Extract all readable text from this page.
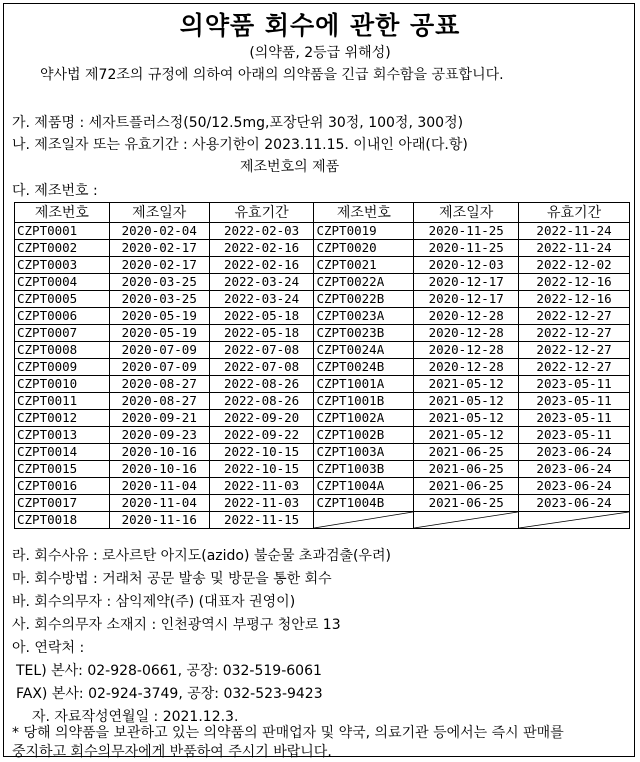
의약품 회수에 관한 공표
(의약품, 2등급 위해성)
약사법 제72조의 규정에 의하여 아래의 의약품을 긴급 회수함을 공표합니다.
가. 제품명 : 세자트플러스정(50/12.5mg,포장단위 30정, 100정, 300정)
나. 제조일자 또는 유효기간 : 사용기한이 2023.11.15. 이내인 아래(다.항)
제조번호의 제품
다. 제조번호 :
제조번호	제조일자	유효기간	제조번호	제조일자	유효기간
CZPT0001	2020-02-04	2022-02-03	CZPT0019	2020-11-25	2022-11-24
CZPT0002	2020-02-17	2022-02-16	CZPT0020	2020-11-25	2022-11-24
CZPT0003	2020-02-17	2022-02-16	CZPT0021	2020-12-03	2022-12-02
CZPT0004	2020-03-25	2022-03-24	CZPT0022A	2020-12-17	2022-12-16
CZPT0005	2020-03-25	2022-03-24	CZPT0022B	2020-12-17	2022-12-16
CZPT0006	2020-05-19	2022-05-18	CZPT0023A	2020-12-28	2022-12-27
CZPT0007	2020-05-19	2022-05-18	CZPT0023B	2020-12-28	2022-12-27
CZPT0008	2020-07-09	2022-07-08	CZPT0024A	2020-12-28	2022-12-27
CZPT0009	2020-07-09	2022-07-08	CZPT0024B	2020-12-28	2022-12-27
CZPT0010	2020-08-27	2022-08-26	CZPT1001A	2021-05-12	2023-05-11
CZPT0011	2020-08-27	2022-08-26	CZPT1001B	2021-05-12	2023-05-11
CZPT0012	2020-09-21	2022-09-20	CZPT1002A	2021-05-12	2023-05-11
CZPT0013	2020-09-23	2022-09-22	CZPT1002B	2021-05-12	2023-05-11
CZPT0014	2020-10-16	2022-10-15	CZPT1003A	2021-06-25	2023-06-24
CZPT0015	2020-10-16	2022-10-15	CZPT1003B	2021-06-25	2023-06-24
CZPT0016	2020-11-04	2022-11-03	CZPT1004A	2021-06-25	2023-06-24
CZPT0017	2020-11-04	2022-11-03	CZPT1004B	2021-06-25	2023-06-24
CZPT0018	2020-11-16	2022-11-15	

라. 회수사유 : 로사르탄 아지도(azido) 불순물 초과검출(우려)
마. 회수방법 : 거래처 공문 발송 및 방문을 통한 회수
바. 회수의무자 : 삼익제약(주) (대표자 권영이)
사. 회수의무자 소재지 : 인천광역시 부평구 청안로 13
아. 연락처 :
TEL) 본사: 02-928-0661, 공장: 032-519-6061
FAX) 본사: 02-924-3749, 공장: 032-523-9423
자. 자료작성연월일 : 2021.12.3.
* 당해 의약품을 보관하고 있는 의약품의 판매업자 및 약국, 의료기관 등에서는 즉시 판매를
중지하고 회수의무자에게 반품하여 주시기 바랍니다.
